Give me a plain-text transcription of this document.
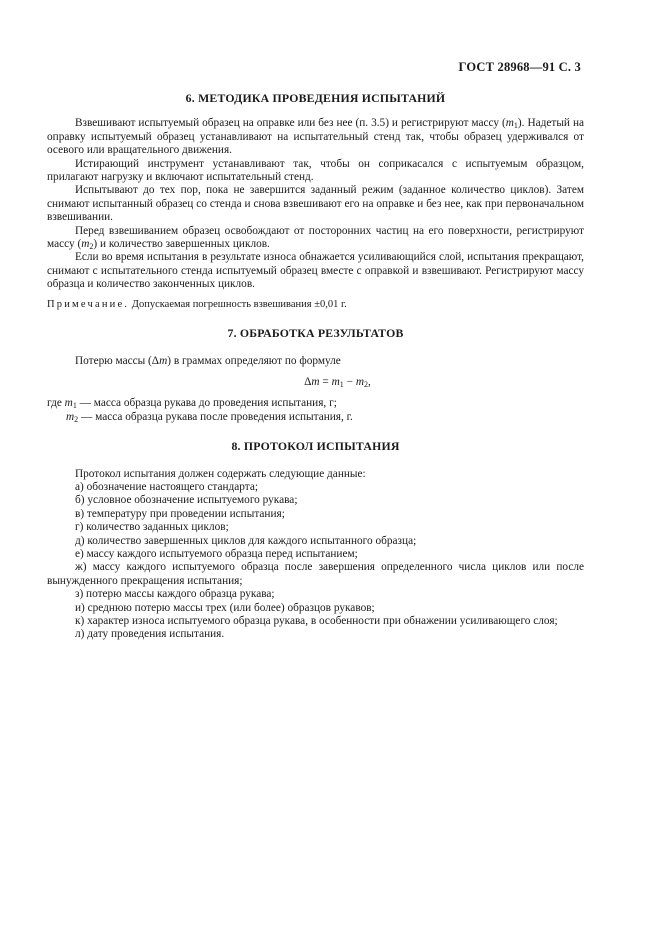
ГОСТ 28968—91 С. 3
6. МЕТОДИКА ПРОВЕДЕНИЯ ИСПЫТАНИЙ

Взвешивают испытуемый образец на оправке или без нее (п. 3.5) и регистрируют массу $(m_1)$. Надетый на оправку испытуемый образец устанавливают на испытательный стенд так, чтобы образец удерживался от осевого или вращательного движения.

Истирающий инструмент устанавливают так, чтобы он соприкасался с испытуемым образцом, прилагают нагрузку и включают испытательный стенд.

Испытывают до тех пор, пока не завершится заданный режим (заданное количество циклов). Затем снимают испытанный образец со стенда и снова взвешивают его на оправке и без нее, как при первоначальном взвешивании.

Перед взвешиванием образец освобождают от посторонних частиц на его поверхности, регистрируют массу $(m_2)$ и количество завершенных циклов.

Если во время испытания в результате износа обнажается усиливающийся слой, испытания прекращают, снимают с испытательного стенда испытуемый образец вместе с оправкой и взвешивают. Регистрируют массу образца и количество законченных циклов.

Примечание. Допускаемая погрешность взвешивания ±0,01 г.

7. ОБРАБОТКА РЕЗУЛЬТАТОВ

Потерю массы (Δm) в граммах определяют по формуле

$\Delta m = m_1 - m_2$,

где $m_1$ — масса образца рукава до проведения испытания, г;

$m_2$ — масса образца рукава после проведения испытания, г.

8. ПРОТОКОЛ ИСПЫТАНИЯ

Протокол испытания должен содержать следующие данные:

а) обозначение настоящего стандарта;

б) условное обозначение испытуемого рукава;

в) температуру при проведении испытания;

г) количество заданных циклов;

д) количество завершенных циклов для каждого испытанного образца;

е) массу каждого испытуемого образца перед испытанием;

ж) массу каждого испытуемого образца после завершения определенного числа циклов или после вынужденного прекращения испытания;

з) потерю массы каждого образца рукава;

и) среднюю потерю массы трех (или более) образцов рукавов;

к) характер износа испытуемого образца рукава, в особенности при обнажении усиливающего слоя;

л) дату проведения испытания.
